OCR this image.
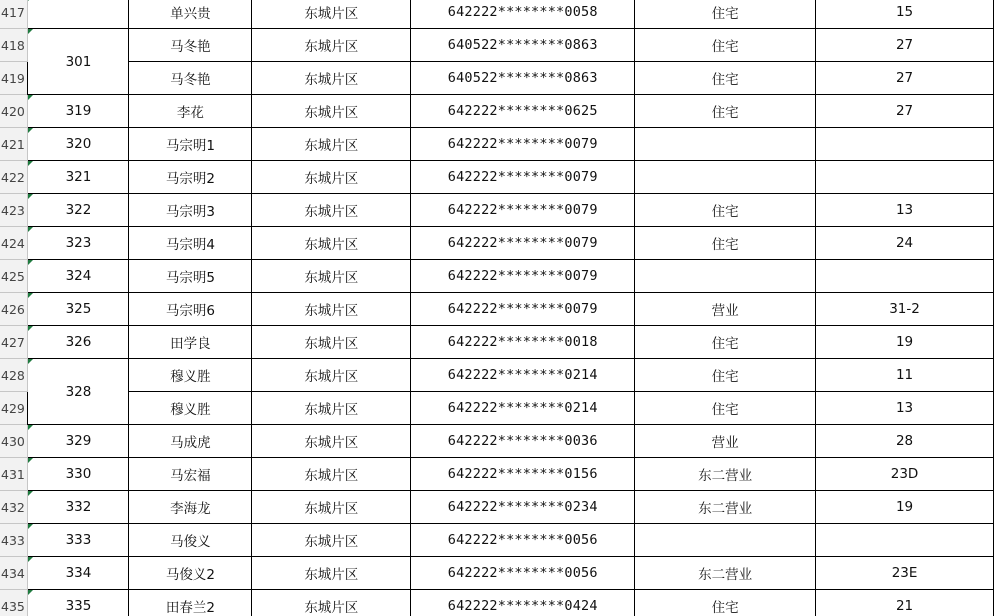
417		单兴贵	东城片区	642222********0058	住宅	15
418	301	马冬艳	东城片区	640522********0863	住宅	27
419		马冬艳	东城片区	640522********0863	住宅	27
420	319	李花	东城片区	642222********0625	住宅	27
421	320	马宗明1	东城片区	642222********0079		
422	321	马宗明2	东城片区	642222********0079		
423	322	马宗明3	东城片区	642222********0079	住宅	13
424	323	马宗明4	东城片区	642222********0079	住宅	24
425	324	马宗明5	东城片区	642222********0079		
426	325	马宗明6	东城片区	642222********0079	营业	31-2
427	326	田学良	东城片区	642222********0018	住宅	19
428	328	穆义胜	东城片区	642222********0214	住宅	11
429		穆义胜	东城片区	642222********0214	住宅	13
430	329	马成虎	东城片区	642222********0036	营业	28
431	330	马宏福	东城片区	642222********0156	东二营业	23D
432	332	李海龙	东城片区	642222********0234	东二营业	19
433	333	马俊义	东城片区	642222********0056		
434	334	马俊义2	东城片区	642222********0056	东二营业	23E
435	335	田春兰2	东城片区	642222********0424	住宅	21
